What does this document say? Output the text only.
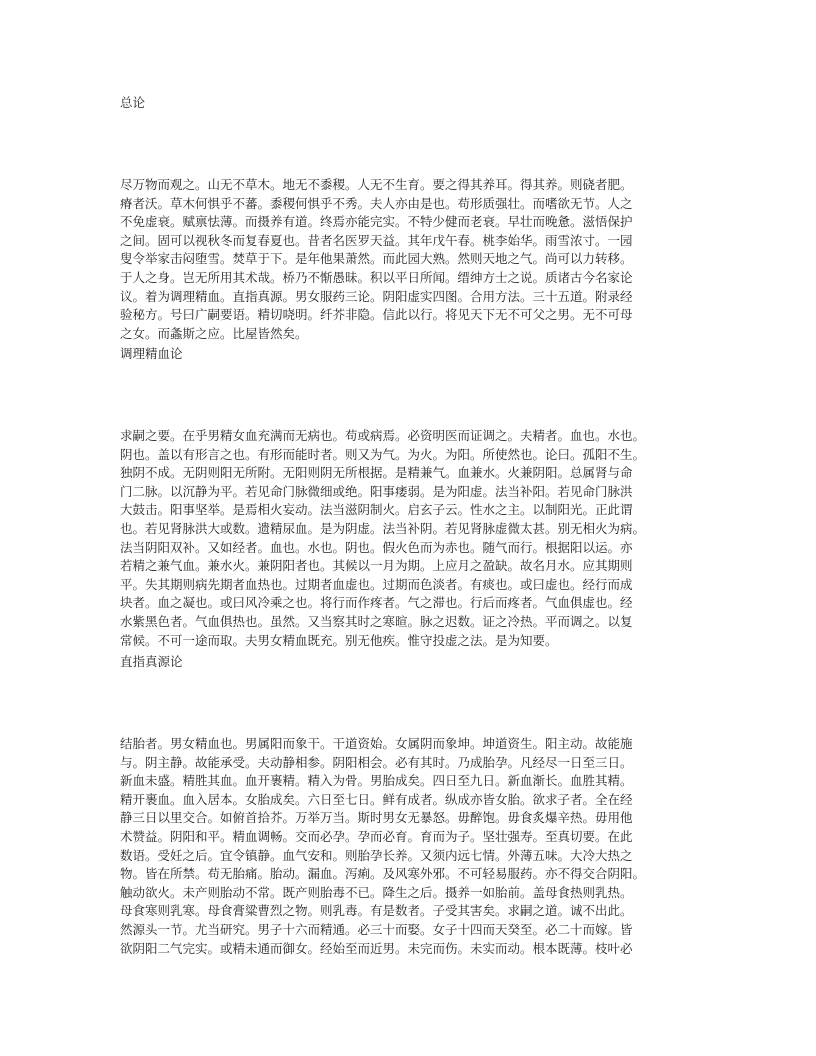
总论
尽万物而观之。山无不草木。地无不黍稷。人无不生育。要之得其养耳。得其养。则硗者肥。
瘠者沃。草木何惧乎不蕃。黍稷何惧乎不秀。夫人亦由是也。苟形质强壮。而嗜欲无节。人之
不免虚衰。赋禀怯薄。而摄养有道。终焉亦能完实。不特少健而老衰。早壮而晚惫。滋悟保护
之间。固可以视秋冬而复春夏也。昔者名医罗天益。其年戊午春。桃李始华。雨雪浓寸。一园
叟令举家击闷堕雪。焚草于下。是年他果萧然。而此园大熟。然则天地之气。尚可以力转移。
于人之身。岂无所用其术哉。桥乃不惭愚昧。积以平日所闻。缙绅方士之说。质诸古今名家论
议。着为调理精血。直指真源。男女服药三论。阴阳虚实四图。合用方法。三十五道。附录经
验秘方。号曰广嗣要语。精切哓明。纤芥非隐。信此以行。将见天下无不可父之男。无不可母
之女。而螽斯之应。比屋皆然矣。
调理精血论
求嗣之要。在乎男精女血充满而无病也。苟或病焉。必资明医而证调之。夫精者。血也。水也。
阴也。盖以有形言之也。有形而能时者。则又为气。为火。为阳。所使然也。论曰。孤阳不生。
独阴不成。无阴则阳无所附。无阳则阴无所根据。是精兼气。血兼水。火兼阴阳。总属肾与命
门二脉。以沉静为平。若见命门脉微细或绝。阳事痿弱。是为阳虚。法当补阳。若见命门脉洪
大鼓击。阳事坚举。是焉相火妄动。法当滋阴制火。启玄子云。性水之主。以制阳光。正此谓
也。若见肾脉洪大或数。遗精尿血。是为阴虚。法当补阴。若见肾脉虚微太甚。别无相火为病。
法当阴阳双补。又如经者。血也。水也。阴也。假火色而为赤也。随气而行。根据阳以运。亦
若精之兼气血。兼水火。兼阴阳者也。其候以一月为期。上应月之盈缺。故名月水。应其期则
平。失其期则病先期者血热也。过期者血虚也。过期而色淡者。有痰也。或曰虚也。经行而成
块者。血之凝也。或曰风冷乘之也。将行而作疼者。气之滞也。行后而疼者。气血俱虚也。经
水紫黑色者。气血俱热也。虽然。又当察其时之寒暄。脉之迟数。证之冷热。平而调之。以复
常候。不可一途而取。夫男女精血既充。别无他疾。惟守投虚之法。是为知要。
直指真源论
结胎者。男女精血也。男属阳而象干。干道资始。女属阴而象坤。坤道资生。阳主动。故能施
与。阴主静。故能承受。夫动静相参。阴阳相会。必有其时。乃成胎孕。凡经尽一日至三日。
新血未盛。精胜其血。血开裹精。精入为骨。男胎成矣。四日至九日。新血渐长。血胜其精。
精开裹血。血入居本。女胎成矣。六日至七日。鲜有成者。纵成亦皆女胎。欲求子者。全在经
静三日以里交合。如俯首拾芥。万举万当。斯时男女无暴怒。毋醉饱。毋食炙爆辛热。毋用他
术赞益。阴阳和平。精血调畅。交而必孕。孕而必育。育而为子。坚壮强寿。至真切要。在此
数语。受妊之后。宜令镇静。血气安和。则胎孕长养。又须内远七情。外薄五味。大冷大热之
物。皆在所禁。苟无胎痛。胎动。漏血。泻痢。及风寒外邪。不可轻易服药。亦不得交合阴阳。
触动欲火。未产则胎动不常。既产则胎毒不已。降生之后。摄养一如胎前。盖母食热则乳热。
母食寒则乳寒。母食膏粱曹烈之物。则乳毒。有是数者。子受其害矣。求嗣之道。诚不出此。
然源头一节。尤当研究。男子十六而精通。必三十而娶。女子十四而天癸至。必二十而嫁。皆
欲阴阳二气完实。或精未通而御女。经始至而近男。未完而伤。未实而动。根本既薄。枝叶必
